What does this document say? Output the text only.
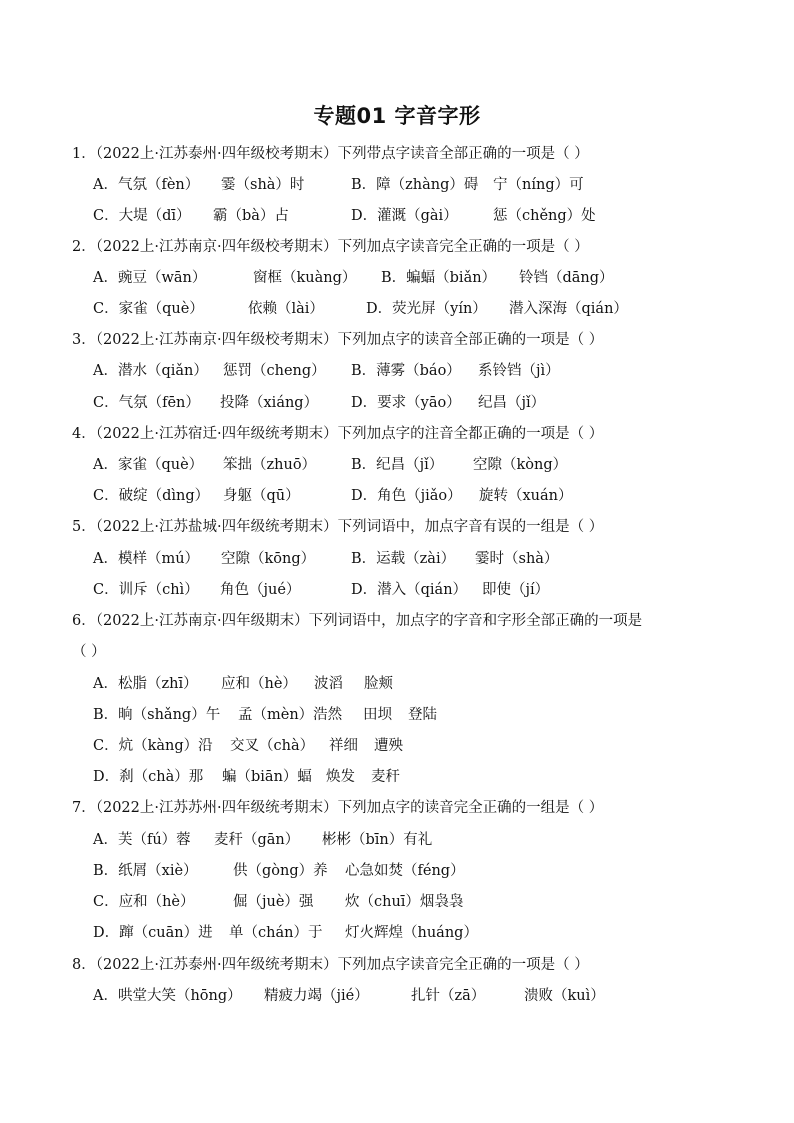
专题01 字音字形
1．（2022上·江苏泰州·四年级校考期末）下列带点字读音全部正确的一项是（ ）
A．气氛（fèn） 霎（shà）时	B．障（zhàng）碍 宁（níng）可
C．大堤（dī） 霸（bà）占	D．灌溉（gài） 惩（chěng）处
2．（2022上·江苏南京·四年级校考期末）下列加点字读音完全正确的一项是（ ）
A．豌豆（wān）	窗框（kuàng） B．蝙蝠（biǎn） 铃铛（dāng）
C．家雀（què）	依赖（lài）	D．荧光屏（yín） 潜入深海（qián）
3．（2022上·江苏南京·四年级校考期末）下列加点字的读音全部正确的一项是（ ）
A．潜水（qiǎn） 惩罚（cheng） B．薄雾（báo） 系铃铛（jì）
C．气氛（fēn） 投降（xiáng） D．要求（yāo） 纪昌（jǐ）
4．（2022上·江苏宿迁·四年级统考期末）下列加点字的注音全都正确的一项是（ ）
A．家雀（què） 笨拙（zhuō） B．纪昌（jǐ） 空隙（kòng）
C．破绽（dìng） 身躯（qū）	D．角色（jiǎo） 旋转（xuán）
5．（2022上·江苏盐城·四年级统考期末）下列词语中，加点字音有误的一组是（ ）
A．模样（mú） 空隙（kōng） B．运载（zài） 霎时（shà）
C．训斥（chì） 角色（jué）	D．潜入（qián） 即使（jí）
6．（2022上·江苏南京·四年级期末）下列词语中，加点字的字音和字形全部正确的一项是
（ ）
A．松脂（zhī） 应和（hè） 波滔 脸颊
B．晌（shǎng）午 孟（mèn）浩然 田坝 登陆
C．炕（kàng）沿 交叉（chà） 祥细 遭殃
D．刹（chà）那 蝙（biān）蝠 焕发 麦秆
7．（2022上·江苏苏州·四年级统考期末）下列加点字的读音完全正确的一组是（ ）
A．芙（fú）蓉 麦秆（gān） 彬彬（bīn）有礼
B．纸屑（xiè） 供（gòng）养 心急如焚（féng）
C．应和（hè）	倔（juè）强 炊（chuī）烟袅袅
D．蹿（cuān）进 单（chán）于 灯火辉煌（huáng）
8．（2022上·江苏泰州·四年级统考期末）下列加点字读音完全正确的一项是（ ）
A．哄堂大笑（hōng） 精疲力竭（jié）	扎针（zā）	溃败（kuì）
